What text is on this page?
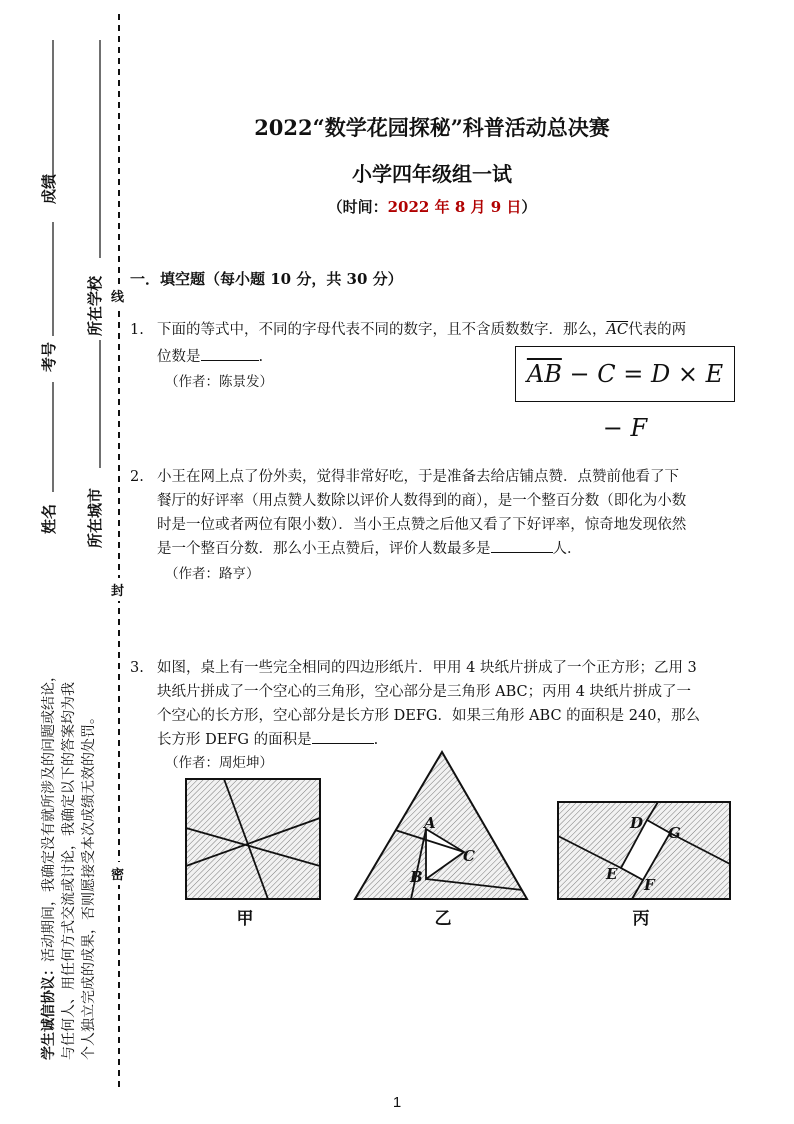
成绩
考号
姓名
所在学校
所在城市
线
封
密
学生诚信协议：活动期间，我确定没有就所涉及的问题或结论， 与任何人、用任何方式交流或讨论，我确定以下的答案均为我 个人独立完成的成果，否则愿接受本次成绩无效的处罚。
2022“数学花园探秘”科普活动总决赛
小学四年级组一试
（时间：2022 年 8 月 9 日）
一．填空题（每小题 10 分，共 30 分）
1. 下面的等式中，不同的字母代表不同的数字，且不含质数数字．那么，$\overline{AC}$代表的两
位数是	.
（作者：陈景发）	$\overline{AB} - C = D \times E - F$
2. 小王在网上点了份外卖，觉得非常好吃，于是准备去给店铺点赞．点赞前他看了下
餐厅的好评率（用点赞人数除以评价人数得到的商），是一个整百分数（即化为小数
时是一位或者两位有限小数）．当小王点赞之后他又看了下好评率，惊奇地发现依然
是一个整百分数．那么小王点赞后，评价人数最多是	人．
（作者：路亨）
3. 如图，桌上有一些完全相同的四边形纸片．甲用 4 块纸片拼成了一个正方形；乙用 3
块纸片拼成了一个空心的三角形，空心部分是三角形 ABC；丙用 4 块纸片拼成了一
个空心的长方形，空心部分是长方形 DEFG．如果三角形 ABC 的面积是 240，那么
长方形 DEFG 的面积是	.
（作者：周炬坤）
A
B
C
D
E
F
G
甲	乙	丙
1
